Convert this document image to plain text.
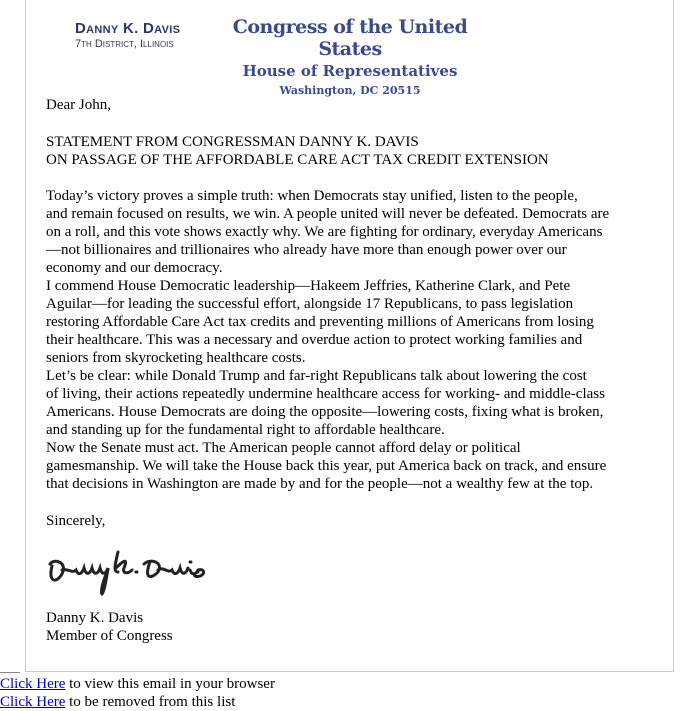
Danny K. Davis
7th District, Illinois
Congress of the United States
House of Representatives
Washington, DC 20515
Dear John,
STATEMENT FROM CONGRESSMAN DANNY K. DAVIS
ON PASSAGE OF THE AFFORDABLE CARE ACT TAX CREDIT EXTENSION
Today’s victory proves a simple truth: when Democrats stay unified, listen to the people,
and remain focused on results, we win. A people united will never be defeated. Democrats are
on a roll, and this vote shows exactly why. We are fighting for ordinary, everyday Americans
—not billionaires and trillionaires who already have more than enough power over our
economy and our democracy.
I commend House Democratic leadership—Hakeem Jeffries, Katherine Clark, and Pete
Aguilar—for leading the successful effort, alongside 17 Republicans, to pass legislation
restoring Affordable Care Act tax credits and preventing millions of Americans from losing
their healthcare. This was a necessary and overdue action to protect working families and
seniors from skyrocketing healthcare costs.
Let’s be clear: while Donald Trump and far-right Republicans talk about lowering the cost
of living, their actions repeatedly undermine healthcare access for working- and middle-class
Americans. House Democrats are doing the opposite—lowering costs, fixing what is broken,
and standing up for the fundamental right to affordable healthcare.
Now the Senate must act. The American people cannot afford delay or political
gamesmanship. We will take the House back this year, put America back on track, and ensure
that decisions in Washington are made by and for the people—not a wealthy few at the top.
Sincerely,
Danny K. Davis
Member of Congress
Click Here to view this email in your browser
Click Here to be removed from this list
